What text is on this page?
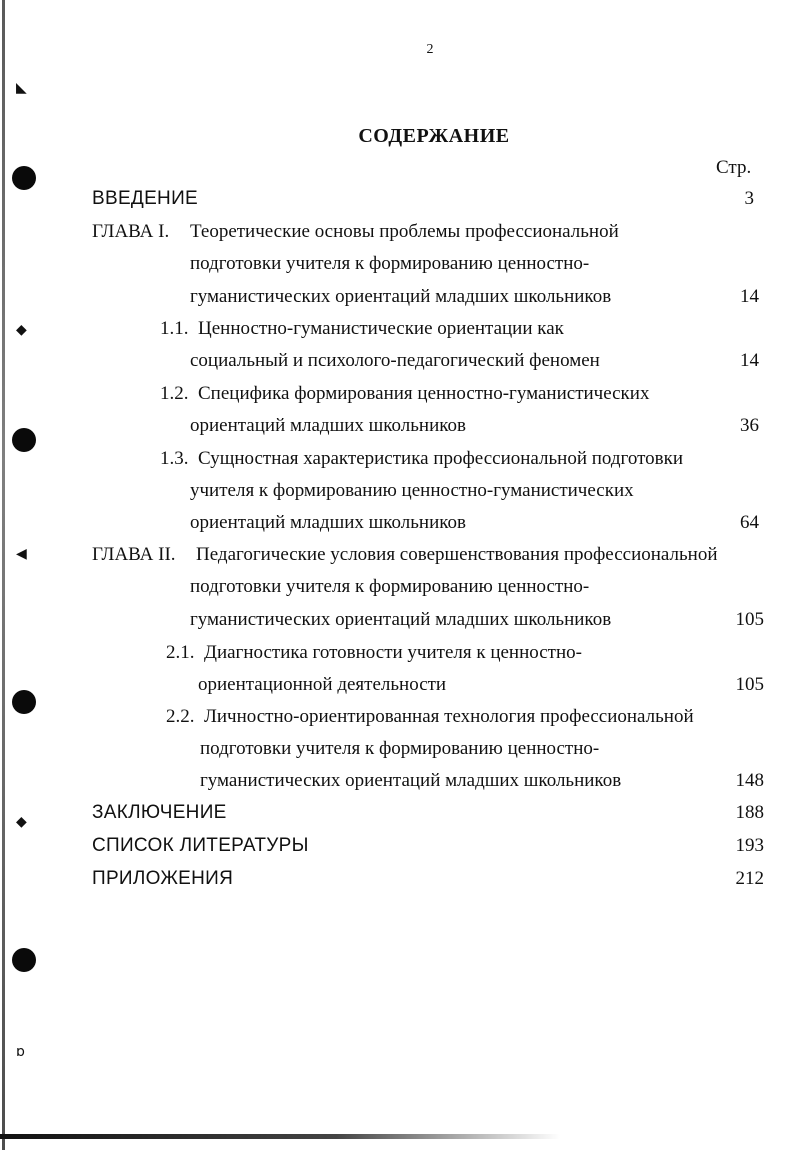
◣
◆
◀
◆
ɒ
2
СОДЕРЖАНИЕ
Стр.
ВВЕДЕНИЕ	3
ГЛАВА I. Теоретические основы проблемы профессиональной
подготовки учителя к формированию ценностно-
гуманистических ориентаций младших школьников	14
1.1. Ценностно-гуманистические ориентации как
социальный и психолого-педагогический феномен	14
1.2. Специфика формирования ценностно-гуманистических
ориентаций младших школьников	36
1.3. Сущностная характеристика профессиональной подготовки
учителя к формированию ценностно-гуманистических
ориентаций младших школьников	64
ГЛАВА II. Педагогические условия совершенствования профессиональной
подготовки учителя к формированию ценностно-
гуманистических ориентаций младших школьников	105
2.1. Диагностика готовности учителя к ценностно-
ориентационной деятельности	105
2.2. Личностно-ориентированная технология профессиональной
подготовки учителя к формированию ценностно-
гуманистических ориентаций младших школьников	148
ЗАКЛЮЧЕНИЕ	188
СПИСОК ЛИТЕРАТУРЫ	193
ПРИЛОЖЕНИЯ	212
